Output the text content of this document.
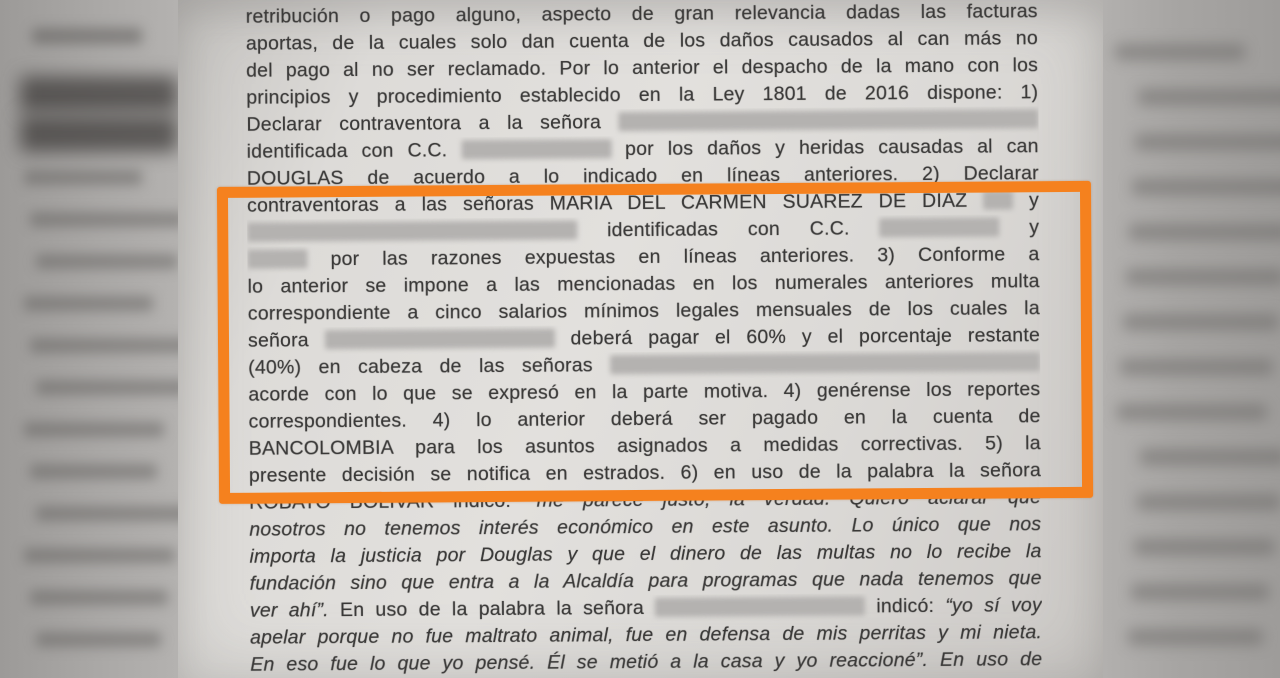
retribución o pago alguno, aspecto de gran relevancia dadas las facturas
aportas, de la cuales solo dan cuenta de los daños causados al can más no
del pago al no ser reclamado. Por lo anterior el despacho de la mano con los
principios y procedimiento establecido en la Ley 1801 de 2016 dispone: 1)
Declarar contraventora a la señora
identificada con C.C.	por los daños y heridas causadas al can
DOUGLAS de acuerdo a lo indicado en líneas anteriores. 2) Declarar
contraventoras a las señoras MARÍA DEL CARMEN SUÁREZ DE DIAZ	y
identificadas con C.C.	y
por las razones expuestas en líneas anteriores. 3) Conforme a
lo anterior se impone a las mencionadas en los numerales anteriores multa
correspondiente a cinco salarios mínimos legales mensuales de los cuales la
señora	deberá pagar el 60% y el porcentaje restante
(40%) en cabeza de las señoras
acorde con lo que se expresó en la parte motiva. 4) genérense los reportes
correspondientes. 4) lo anterior deberá ser pagado en la cuenta de
BANCOLOMBIA para los asuntos asignados a medidas correctivas. 5) la
presente decisión se notifica en estrados. 6) en uso de la palabra la señora
ROBATO BOLIVAR indicó: “me parece justo, la verdad. Quiero aclarar que
nosotros no tenemos interés económico en este asunto. Lo único que nos
importa la justicia por Douglas y que el dinero de las multas no lo recibe la
fundación sino que entra a la Alcaldía para programas que nada tenemos que
ver ahí”. En uso de la palabra la señora	indicó: “yo sí voy
apelar porque no fue maltrato animal, fue en defensa de mis perritas y mi nieta.
En eso fue lo que yo pensé. Él se metió a la casa y yo reaccioné”. En uso de
